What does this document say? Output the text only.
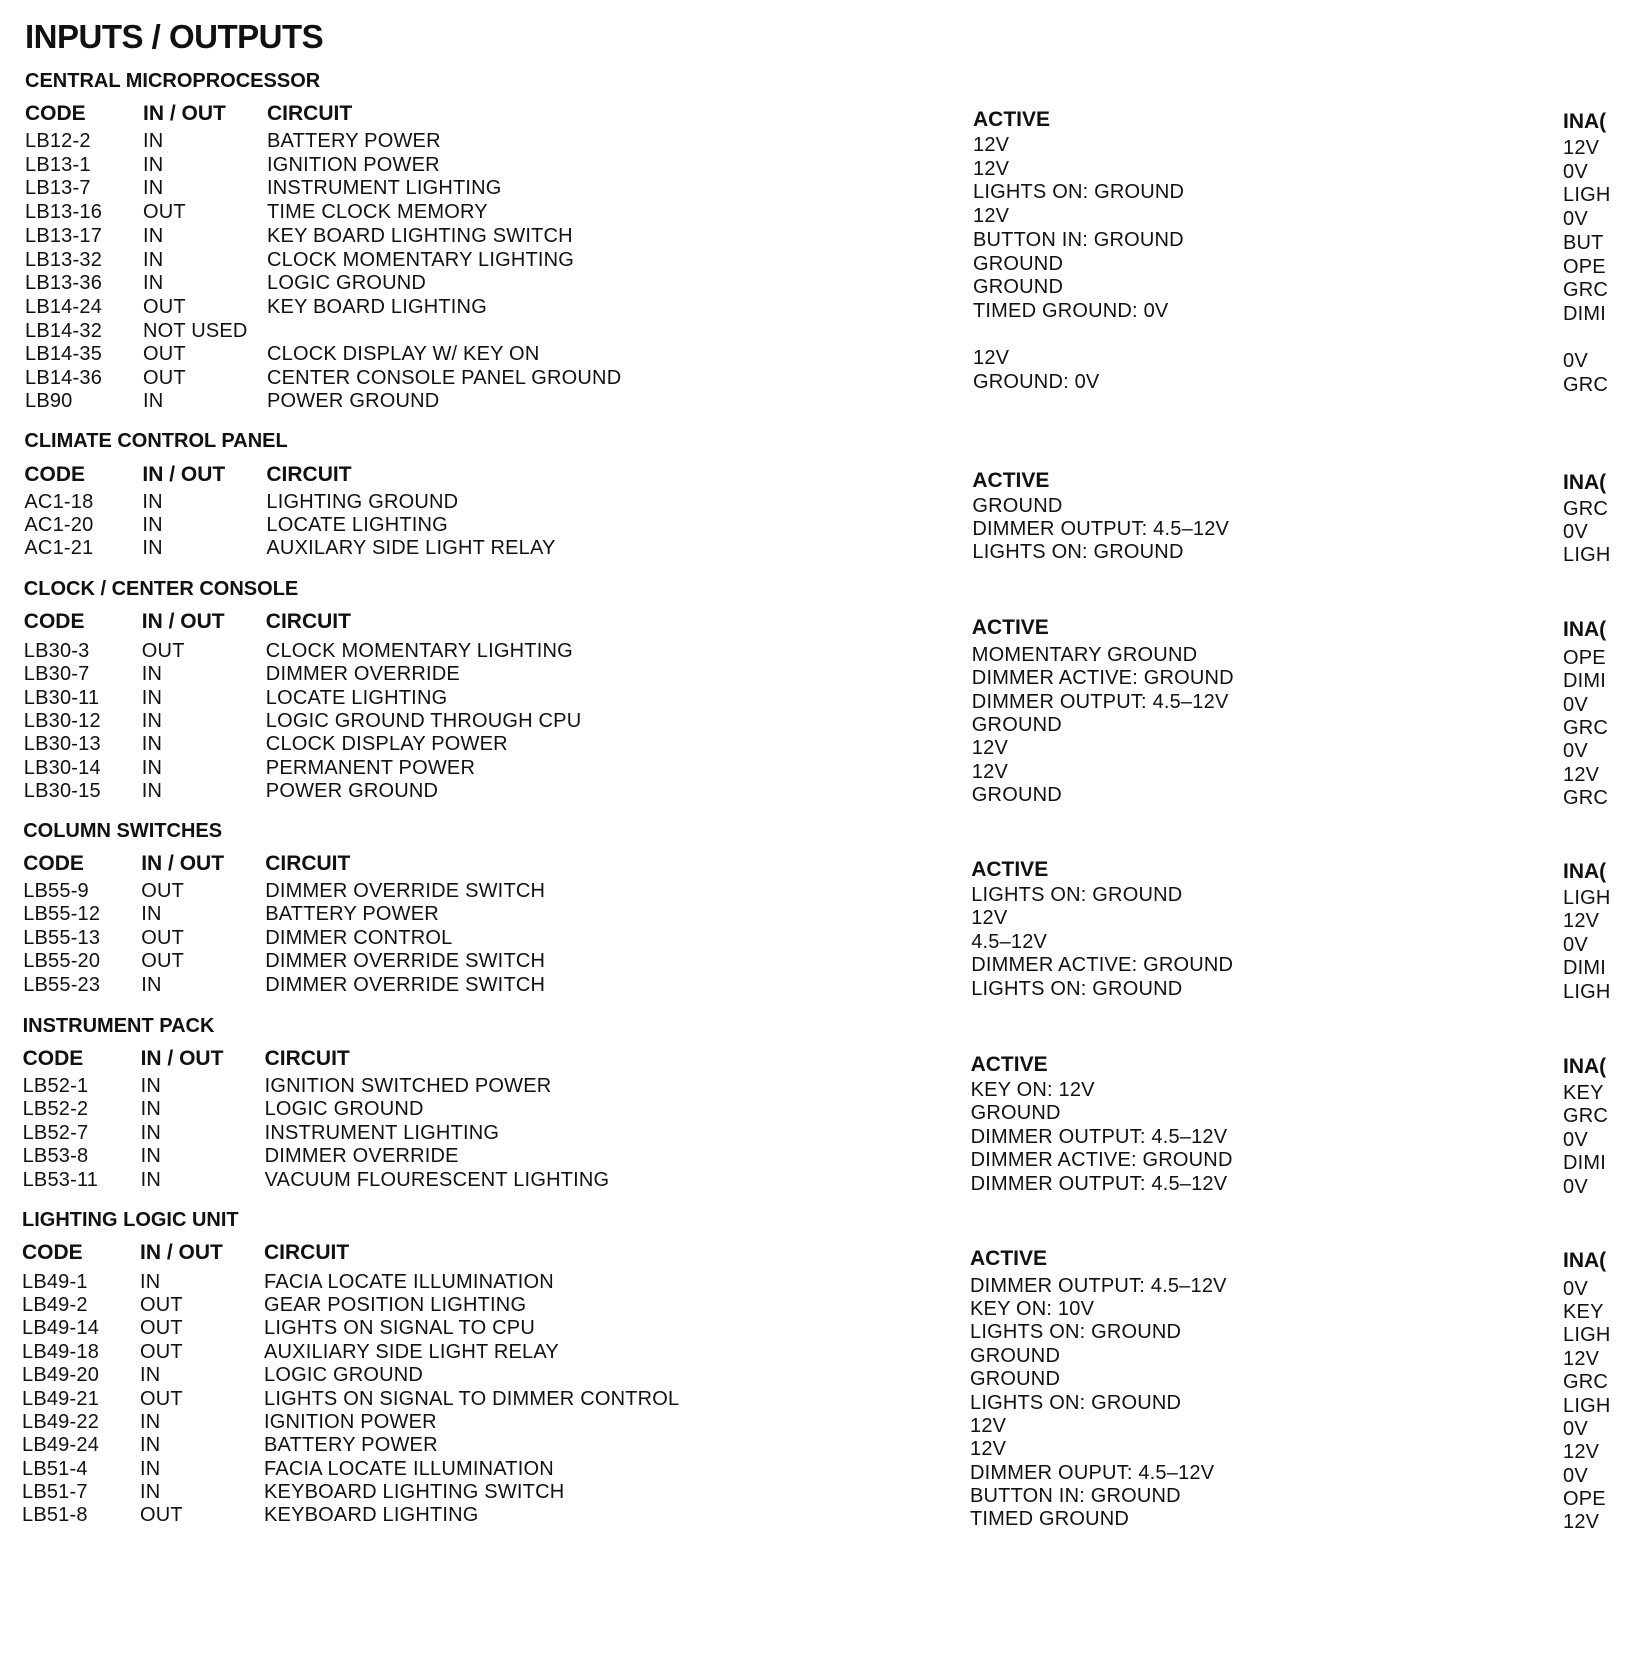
INPUTS / OUTPUTS
CENTRAL MICROPROCESSOR
CODE	IN / OUT CIRCUIT	ACTIVE	INA(
LB12-2	IN	BATTERY POWER	12V	12V
LB13-1	IN	IGNITION POWER	12V	0V
LB13-7	IN	INSTRUMENT LIGHTING	LIGHTS ON: GROUND	LIGH
LB13-16 OUT	TIME CLOCK MEMORY	12V	0V
LB13-17 IN	KEY BOARD LIGHTING SWITCH	BUTTON IN: GROUND	BUT
LB13-32 IN	CLOCK MOMENTARY LIGHTING	GROUND	OPE
LB13-36 IN	LOGIC GROUND	GROUND	GRC
LB14-24 OUT	KEY BOARD LIGHTING	TIMED GROUND: 0V	DIMI
LB14-32 NOT USED
LB14-35 OUT	CLOCK DISPLAY W/ KEY ON	12V	0V
LB14-36 OUT	CENTER CONSOLE PANEL GROUND	GROUND: 0V	GRC
LB90	IN	POWER GROUND
CLIMATE CONTROL PANEL
CODE	IN / OUT CIRCUIT	ACTIVE	INA(
AC1-18 IN	LIGHTING GROUND	GROUND	GRC
AC1-20 IN	LOCATE LIGHTING	DIMMER OUTPUT: 4.5–12V	0V
AC1-21 IN	AUXILARY SIDE LIGHT RELAY	LIGHTS ON: GROUND	LIGH
CLOCK / CENTER CONSOLE
CODE	IN / OUT CIRCUIT	ACTIVE	INA(
LB30-3	OUT	CLOCK MOMENTARY LIGHTING	MOMENTARY GROUND	OPE
LB30-7	IN	DIMMER OVERRIDE	DIMMER ACTIVE: GROUND	DIMI
LB30-11 IN	LOCATE LIGHTING	DIMMER OUTPUT: 4.5–12V	0V
LB30-12 IN	LOGIC GROUND THROUGH CPU	GROUND	GRC
LB30-13 IN	CLOCK DISPLAY POWER	12V	0V
LB30-14 IN	PERMANENT POWER	12V	12V
LB30-15 IN	POWER GROUND	GROUND	GRC
COLUMN SWITCHES
CODE	IN / OUT CIRCUIT	ACTIVE	INA(
LB55-9	OUT	DIMMER OVERRIDE SWITCH	LIGHTS ON: GROUND	LIGH
LB55-12 IN	BATTERY POWER	12V	12V
LB55-13 OUT	DIMMER CONTROL	4.5–12V	0V
LB55-20 OUT	DIMMER OVERRIDE SWITCH	DIMMER ACTIVE: GROUND	DIMI
LB55-23 IN	DIMMER OVERRIDE SWITCH	LIGHTS ON: GROUND	LIGH
INSTRUMENT PACK
CODE	IN / OUT CIRCUIT	ACTIVE	INA(
LB52-1	IN	IGNITION SWITCHED POWER	KEY ON: 12V	KEY
LB52-2	IN	LOGIC GROUND	GROUND	GRC
LB52-7	IN	INSTRUMENT LIGHTING	DIMMER OUTPUT: 4.5–12V	0V
LB53-8	IN	DIMMER OVERRIDE	DIMMER ACTIVE: GROUND	DIMI
LB53-11 IN	VACUUM FLOURESCENT LIGHTING	DIMMER OUTPUT: 4.5–12V	0V
LIGHTING LOGIC UNIT
CODE	IN / OUT CIRCUIT	ACTIVE	INA(
LB49-1	IN	FACIA LOCATE ILLUMINATION	DIMMER OUTPUT: 4.5–12V	0V
LB49-2	OUT	GEAR POSITION LIGHTING	KEY ON: 10V	KEY
LB49-14 OUT	LIGHTS ON SIGNAL TO CPU	LIGHTS ON: GROUND	LIGH
LB49-18 OUT	AUXILIARY SIDE LIGHT RELAY	GROUND	12V
LB49-20 IN	LOGIC GROUND	GROUND	GRC
LB49-21 OUT	LIGHTS ON SIGNAL TO DIMMER CONTROL	LIGHTS ON: GROUND	LIGH
LB49-22 IN	IGNITION POWER	12V	0V
LB49-24 IN	BATTERY POWER	12V	12V
LB51-4	IN	FACIA LOCATE ILLUMINATION	DIMMER OUPUT: 4.5–12V	0V
LB51-7	IN	KEYBOARD LIGHTING SWITCH	BUTTON IN: GROUND	OPE
LB51-8	OUT	KEYBOARD LIGHTING	TIMED GROUND	12V
